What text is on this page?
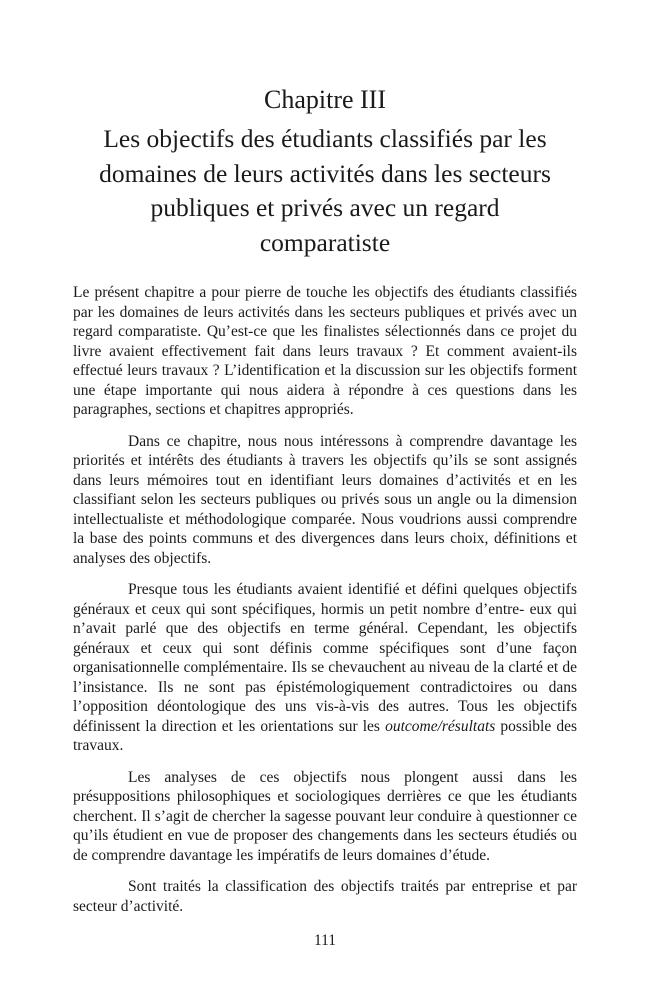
Chapitre III
Les objectifs des étudiants classifiés par les
domaines de leurs activités dans les secteurs
publiques et privés avec un regard
comparatiste

Le présent chapitre a pour pierre de touche les objectifs des étudiants classifiés par les domaines de leurs activités dans les secteurs publiques et privés avec un regard comparatiste. Qu’est-ce que les finalistes sélectionnés dans ce projet du livre avaient effectivement fait dans leurs travaux ? Et comment avaient-ils effectué leurs travaux ? L’identification et la discussion sur les objectifs forment une étape importante qui nous aidera à répondre à ces questions dans les paragraphes, sections et chapitres appropriés.

Dans ce chapitre, nous nous intéressons à comprendre davantage les priorités et intérêts des étudiants à travers les objectifs qu’ils se sont assignés dans leurs mémoires tout en identifiant leurs domaines d’activités et en les classifiant selon les secteurs publiques ou privés sous un angle ou la dimension intellectualiste et méthodologique comparée. Nous voudrions aussi comprendre la base des points communs et des divergences dans leurs choix, définitions et analyses des objectifs.

Presque tous les étudiants avaient identifié et défini quelques objectifs généraux et ceux qui sont spécifiques, hormis un petit nombre d’entre- eux qui n’avait parlé que des objectifs en terme général. Cependant, les objectifs généraux et ceux qui sont définis comme spécifiques sont d’une façon organisationnelle complémentaire. Ils se chevauchent au niveau de la clarté et de l’insistance. Ils ne sont pas épistémologiquement contradictoires ou dans l’opposition déontologique des uns vis-à-vis des autres. Tous les objectifs définissent la direction et les orientations sur les outcome/résultats possible des travaux.

Les analyses de ces objectifs nous plongent aussi dans les présuppositions philosophiques et sociologiques derrières ce que les étudiants cherchent. Il s’agit de chercher la sagesse pouvant leur conduire à questionner ce qu’ils étudient en vue de proposer des changements dans les secteurs étudiés ou de comprendre davantage les impératifs de leurs domaines d’étude.

Sont traités la classification des objectifs traités par entreprise et par secteur d’activité.

111
